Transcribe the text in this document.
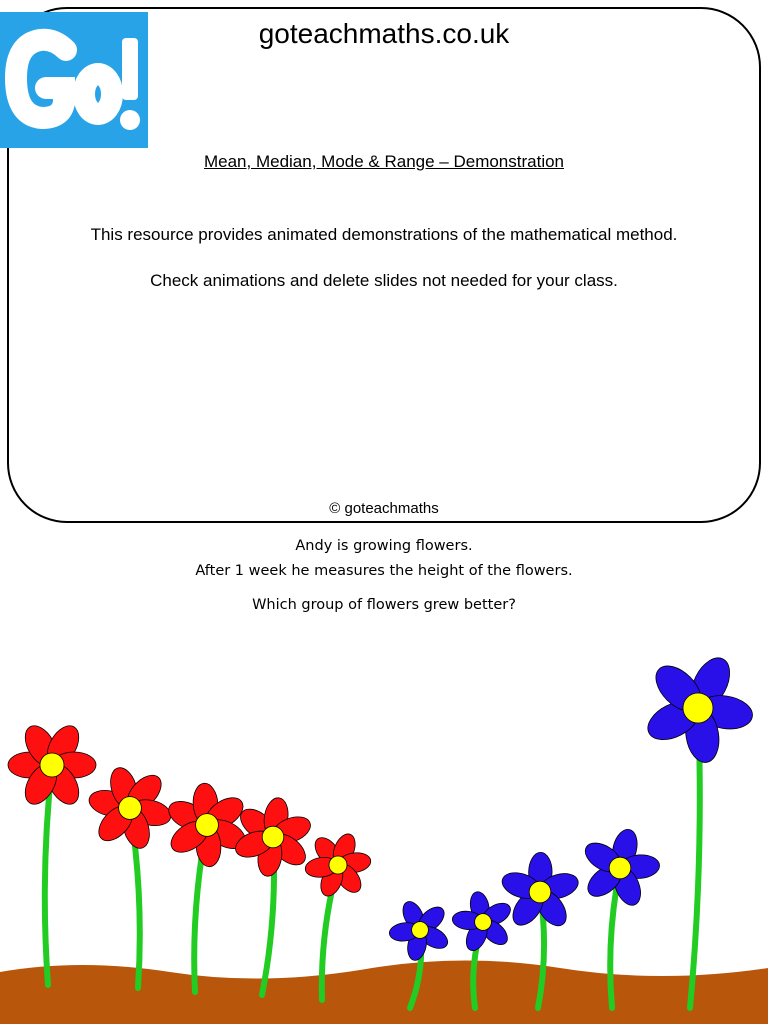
goteachmaths.co.uk
Mean, Median, Mode & Range – Demonstration
This resource provides animated demonstrations of the mathematical method.
Check animations and delete slides not needed for your class.
© goteachmaths
Andy is growing flowers.
After 1 week he measures the height of the flowers.
Which group of flowers grew better?
